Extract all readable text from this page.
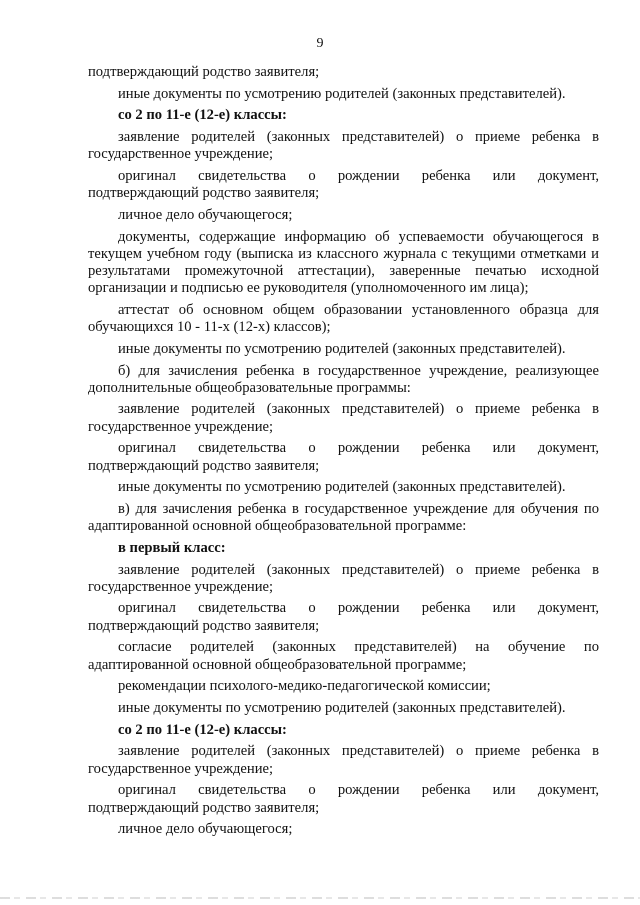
9

подтверждающий родство заявителя;

иные документы по усмотрению родителей (законных представителей).

со 2 по 11-е (12-е) классы:

заявление родителей (законных представителей) о приеме ребенка в государственное учреждение;

оригинал свидетельства о рождении ребенка или документ, подтверждающий родство заявителя;

личное дело обучающегося;

документы, содержащие информацию об успеваемости обучающегося в текущем учебном году (выписка из классного журнала с текущими отметками и результатами промежуточной аттестации), заверенные печатью исходной организации и подписью ее руководителя (уполномоченного им лица);

аттестат об основном общем образовании установленного образца для обучающихся 10 - 11-х (12-х) классов);

иные документы по усмотрению родителей (законных представителей).

б) для зачисления ребенка в государственное учреждение, реализующее дополнительные общеобразовательные программы:

заявление родителей (законных представителей) о приеме ребенка в государственное учреждение;

оригинал свидетельства о рождении ребенка или документ, подтверждающий родство заявителя;

иные документы по усмотрению родителей (законных представителей).

в) для зачисления ребенка в государственное учреждение для обучения по адаптированной основной общеобразовательной программе:

в первый класс:

заявление родителей (законных представителей) о приеме ребенка в государственное учреждение;

оригинал свидетельства о рождении ребенка или документ, подтверждающий родство заявителя;

согласие родителей (законных представителей) на обучение по адаптированной основной общеобразовательной программе;

рекомендации психолого-медико-педагогической комиссии;

иные документы по усмотрению родителей (законных представителей).

со 2 по 11-е (12-е) классы:

заявление родителей (законных представителей) о приеме ребенка в государственное учреждение;

оригинал свидетельства о рождении ребенка или документ, подтверждающий родство заявителя;

личное дело обучающегося;
